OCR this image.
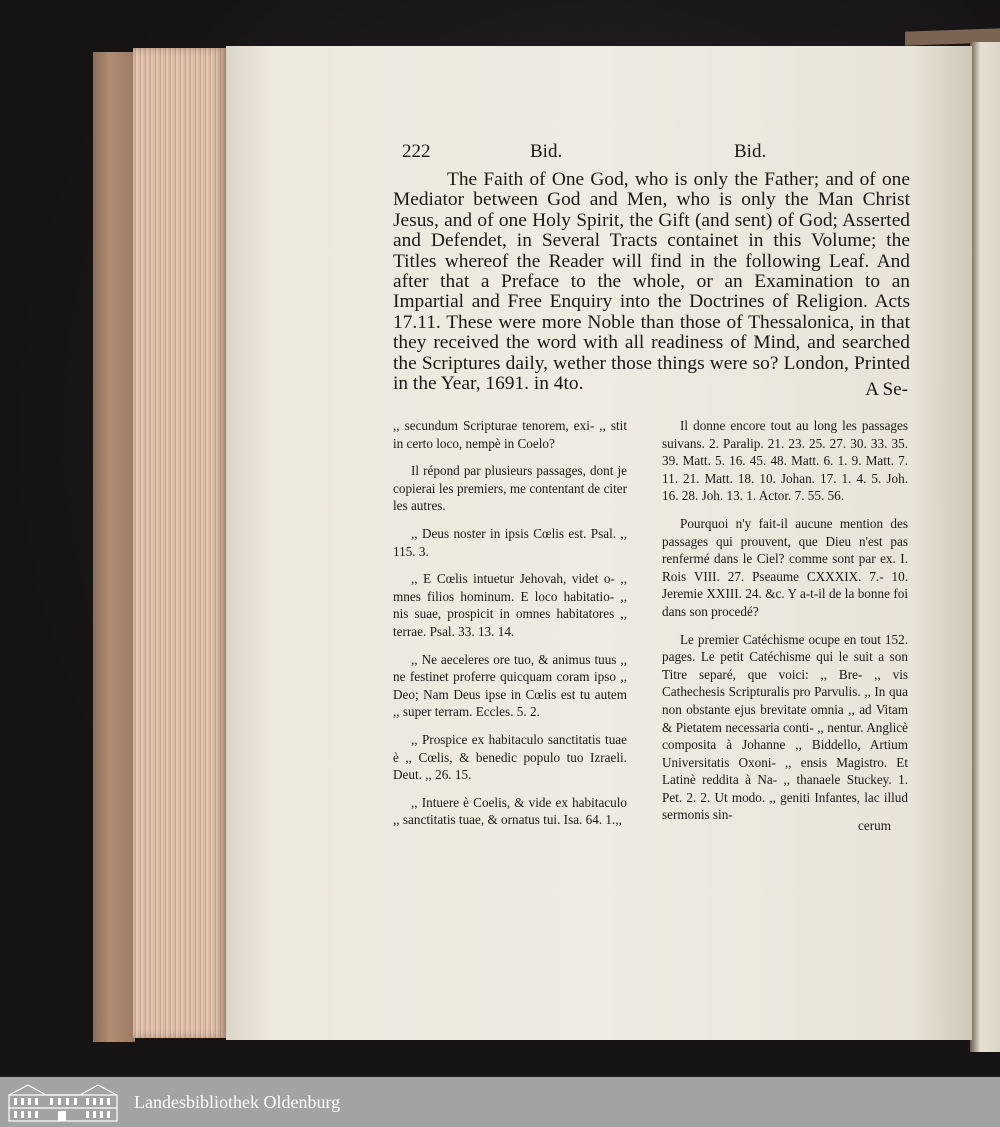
222	Bid.	Bid.
The Faith of One God, who is only the Father; and of one Mediator between God and Men, who is only the Man Christ Jesus, and of one Holy Spirit, the Gift (and sent) of God; Asserted and Defendet, in Several Tracts containet in this Volume; the Titles whereof the Reader will find in the following Leaf. And after that a Preface to the whole, or an Examination to an Impartial and Free Enquiry into the Doctrines of Religion. Acts 17.11. These were more Noble than those of Thessalonica, in that they received the word with all readiness of Mind, and searched the Scriptures daily, wether those things were so? London, Printed in the Year, 1691. in 4to.	A Se-

,, secundum Scripturae tenorem, exi- ,, stit in certo loco, nempè in Coelo?

Il répond par plusieurs passages, dont je copierai les premiers, me contentant de citer les autres.

,, Deus noster in ipsis Cœlis est. Psal. ,, 115. 3.

,, E Cœlis intuetur Jehovah, videt o- ,, mnes filios hominum. E loco habitatio- ,, nis suae, prospicit in omnes habitatores ,, terrae. Psal. 33. 13. 14.

,, Ne aeceleres ore tuo, & animus tuus ,, ne festinet proferre quicquam coram ipso ,, Deo; Nam Deus ipse in Cœlis est tu autem ,, super terram. Eccles. 5. 2.

,, Prospice ex habitaculo sanctitatis tuae è ,, Cœlis, & benedic populo tuo Izraeli. Deut. ,, 26. 15.

,, Intuere è Coelis, & vide ex habitaculo ,, sanctitatis tuae, & ornatus tui. Isa. 64. 1.,,

Il donne encore tout au long les passages suivans. 2. Paralip. 21. 23. 25. 27. 30. 33. 35. 39. Matt. 5. 16. 45. 48. Matt. 6. 1. 9. Matt. 7. 11. 21. Matt. 18. 10. Johan. 17. 1. 4. 5. Joh. 16. 28. Joh. 13. 1. Actor. 7. 55. 56.

Pourquoi n'y fait-il aucune mention des passages qui prouvent, que Dieu n'est pas renfermé dans le Ciel? comme sont par ex. I. Rois VIII. 27. Pseaume CXXXIX. 7.- 10. Jeremie XXIII. 24. &c. Y a-t-il de la bonne foi dans son procedé?

Le premier Catéchisme ocupe en tout 152. pages. Le petit Catéchisme qui le suit a son Titre separé, que voici: ,, Bre- ,, vis Cathechesis Scripturalis pro Parvulis. ,, In qua non obstante ejus brevitate omnia ,, ad Vitam & Pietatem necessaria conti- ,, nentur. Anglicè composita à Johanne ,, Biddello, Artium Universitatis Oxoni- ,, ensis Magistro. Et Latinè reddita à Na- ,, thanaele Stuckey. 1. Pet. 2. 2. Ut modo. ,, geniti Infantes, lac illud sermonis sin-

cerum
Landesbibliothek Oldenburg
